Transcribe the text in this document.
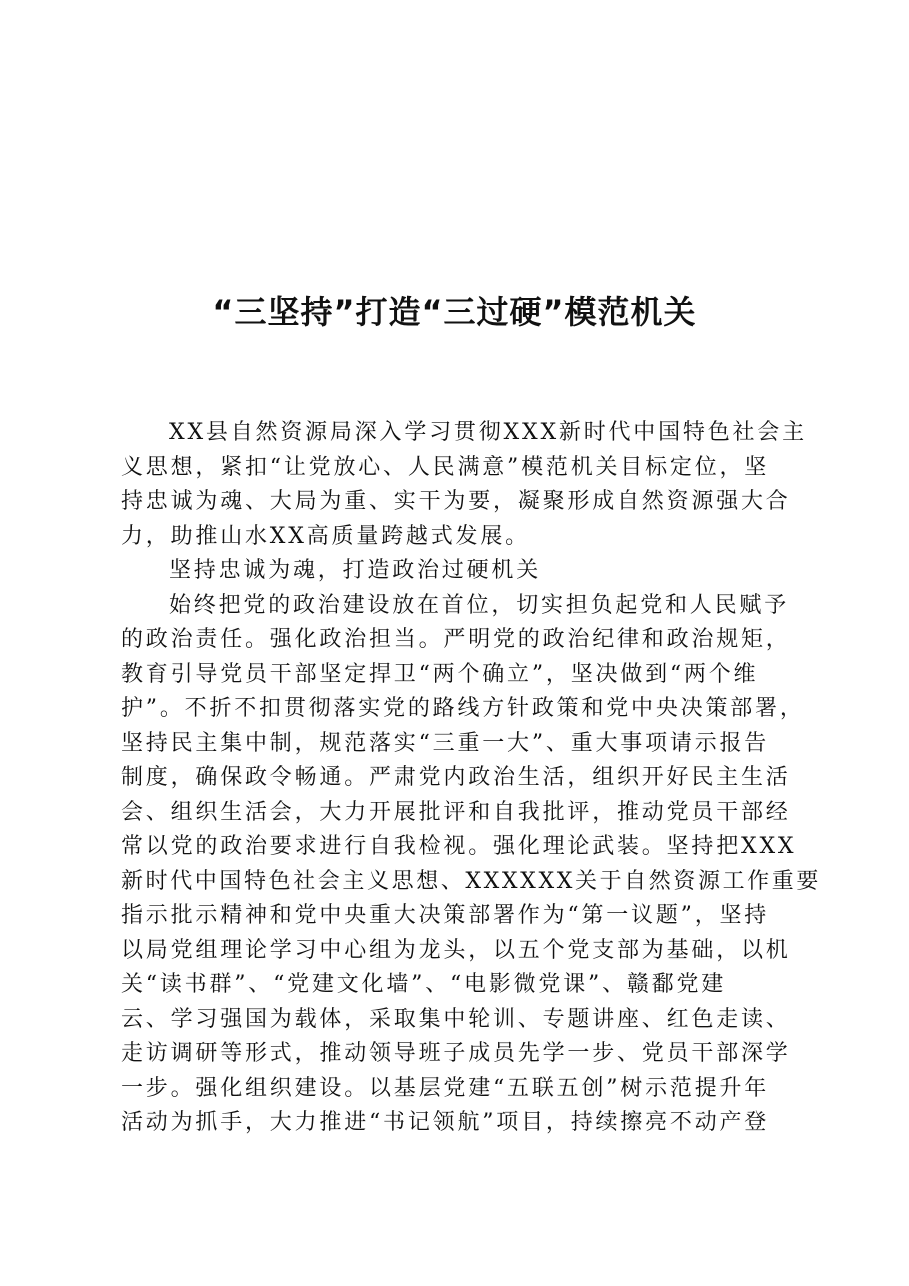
“三坚持”打造“三过硬”模范机关
XX县自然资源局深入学习贯彻XXX新时代中国特色社会主
义思想，紧扣“让党放心、人民满意”模范机关目标定位，坚
持忠诚为魂、大局为重、实干为要，凝聚形成自然资源强大合
力，助推山水XX高质量跨越式发展。
坚持忠诚为魂，打造政治过硬机关
始终把党的政治建设放在首位，切实担负起党和人民赋予
的政治责任。强化政治担当。严明党的政治纪律和政治规矩，
教育引导党员干部坚定捍卫“两个确立”，坚决做到“两个维
护”。不折不扣贯彻落实党的路线方针政策和党中央决策部署，
坚持民主集中制，规范落实“三重一大”、重大事项请示报告
制度，确保政令畅通。严肃党内政治生活，组织开好民主生活
会、组织生活会，大力开展批评和自我批评，推动党员干部经
常以党的政治要求进行自我检视。强化理论武装。坚持把XXX
新时代中国特色社会主义思想、XXXXXX关于自然资源工作重要
指示批示精神和党中央重大决策部署作为“第一议题”，坚持
以局党组理论学习中心组为龙头，以五个党支部为基础，以机
关“读书群”、“党建文化墙”、“电影微党课”、赣鄱党建
云、学习强国为载体，采取集中轮训、专题讲座、红色走读、
走访调研等形式，推动领导班子成员先学一步、党员干部深学
一步。强化组织建设。以基层党建“五联五创”树示范提升年
活动为抓手，大力推进“书记领航”项目，持续擦亮不动产登
